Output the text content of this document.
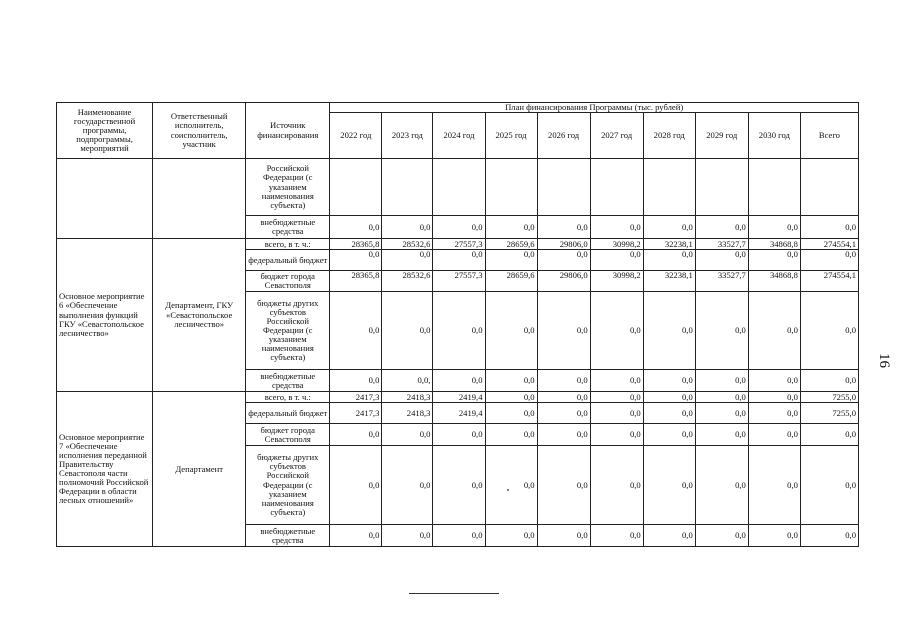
Наименование государственной программы, подпрограммы, мероприятий	Ответственный исполнитель, соисполнитель, участник	Источник финансирования	План финансирования Программы (тыс. рублей)									
			2022 год	2023 год	2024 год	2025 год	2026 год	2027 год	2028 год	2029 год	2030 год	Всего
		Российской Федерации (с указанием наименования субъекта)										
		внебюджетные средства	0,0	0,0	0,0	0,0	0,0	0,0	0,0	0,0	0,0	0,0
Основное мероприятие 6 «Обеспечение выполнения функций ГКУ «Севастопольское лесничество»	Департамент, ГКУ «Севастопольское лесничество»	всего, в т. ч.:	28365,8	28532,6	27557,3	28659,6	29806,0	30998,2	32238,1	33527,7	34868,8	274554,1
		федеральный бюджет	0,0	0,0	0,0	0,0	0,0	0,0	0,0	0,0	0,0	0,0
		бюджет города Севастополя	28365,8	28532,6	27557,3	28659,6	29806,0	30998,2	32238,1	33527,7	34868,8	274554,1
		бюджеты других субъектов Российской Федерации (с указанием наименования субъекта)	0,0	0,0	0,0	0,0	0,0	0,0	0,0	0,0	0,0	0,0
		внебюджетные средства	0,0	0,0,	0,0	0,0	0,0	0,0	0,0	0,0	0,0	0,0
Основное мероприятие 7 «Обеспечение исполнения переданной Правительству Севастополя части полномочий Российской Федерации в области лесных отношений»	Департамент	всего, в т. ч.:	2417,3	2418,3	2419,4	0,0	0,0	0,0	0,0	0,0	0,0	7255,0
		федеральный бюджет	2417,3	2418,3	2419,4	0,0	0,0	0,0	0,0	0,0	0,0	7255,0
		бюджет города Севастополя	0,0	0,0	0,0	0,0	0,0	0,0	0,0	0,0	0,0	0,0
		бюджеты других субъектов Российской Федерации (с указанием наименования субъекта)	0,0	0,0	0,0	0,0	0,0	0,0	0,0	0,0	0,0	0,0
		внебюджетные средства	0,0	0,0	0,0	0,0	0,0	0,0	0,0	0,0	0,0	0,0
16
